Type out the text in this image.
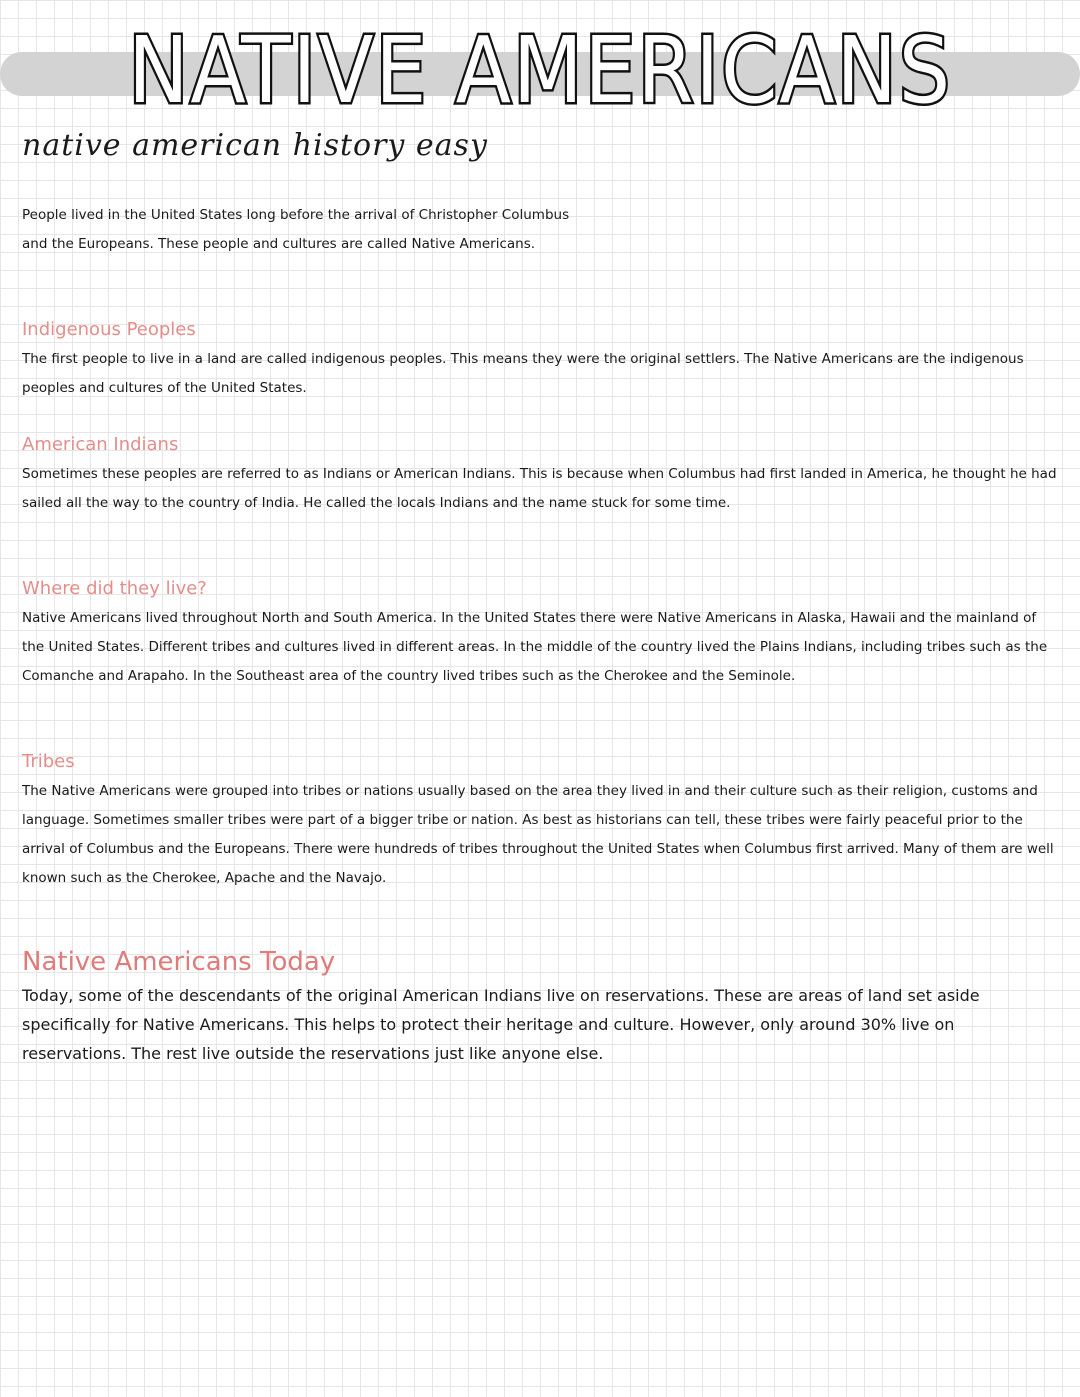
NATIVE AMERICANS
native american history easy

People lived in the United States long before the arrival of Christopher Columbus and the Europeans. These people and cultures are called Native Americans.

Indigenous Peoples

The first people to live in a land are called indigenous peoples. This means they were the original settlers. The Native Americans are the indigenous peoples and cultures of the United States.

American Indians

Sometimes these peoples are referred to as Indians or American Indians. This is because when Columbus had first landed in America, he thought he had sailed all the way to the country of India. He called the locals Indians and the name stuck for some time.

Where did they live?

Native Americans lived throughout North and South America. In the United States there were Native Americans in Alaska, Hawaii and the mainland of the United States. Different tribes and cultures lived in different areas. In the middle of the country lived the Plains Indians, including tribes such as the Comanche and Arapaho. In the Southeast area of the country lived tribes such as the Cherokee and the Seminole.

Tribes

The Native Americans were grouped into tribes or nations usually based on the area they lived in and their culture such as their religion, customs and language. Sometimes smaller tribes were part of a bigger tribe or nation. As best as historians can tell, these tribes were fairly peaceful prior to the arrival of Columbus and the Europeans. There were hundreds of tribes throughout the United States when Columbus first arrived. Many of them are well known such as the Cherokee, Apache and the Navajo.

Native Americans Today

Today, some of the descendants of the original American Indians live on reservations. These are areas of land set aside specifically for Native Americans. This helps to protect their heritage and culture. However, only around 30% live on reservations. The rest live outside the reservations just like anyone else.
